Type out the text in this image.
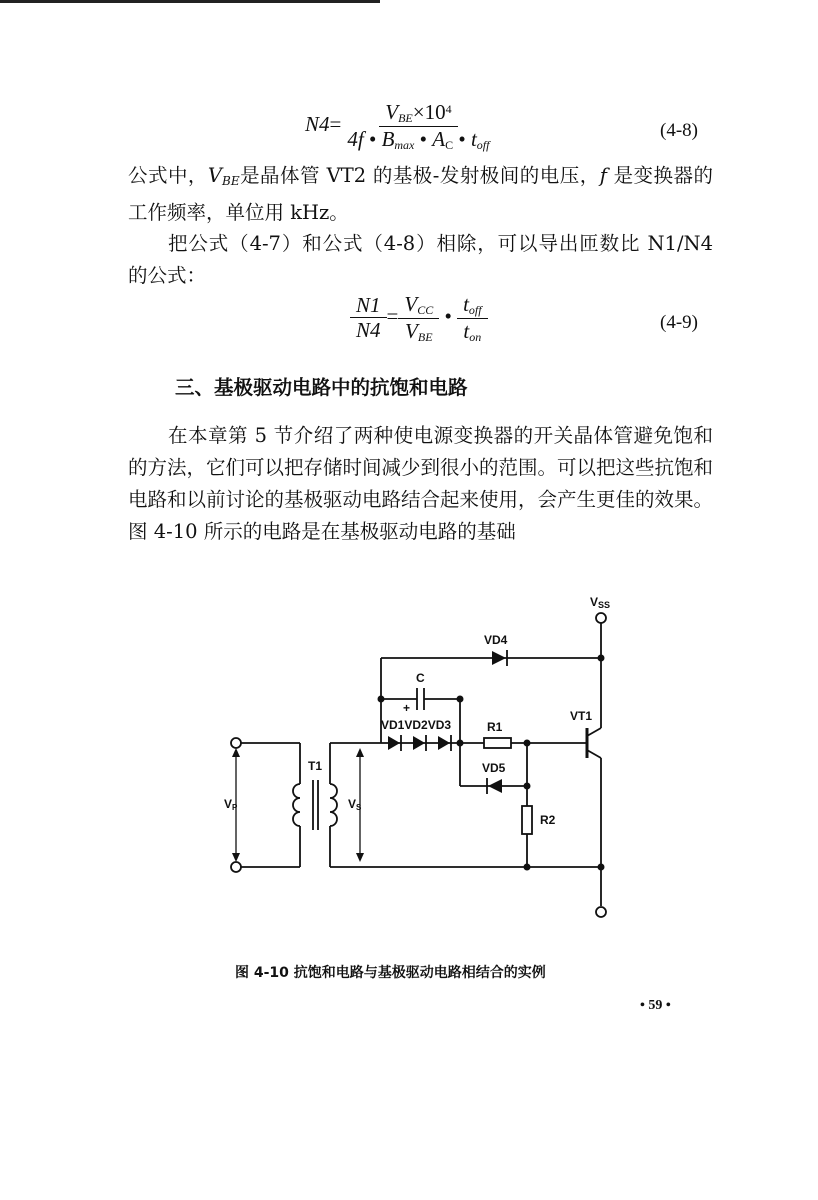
$N4= \frac{V_{BE}\times 10^4}{4f • B_{max} • A_C • t_{off}}$	(4-8)
公式中，$V_{BE}$是晶体管 VT2 的基极-发射极间的电压，f 是变换器的工作频率，单位用 kHz。
把公式（4-7）和公式（4-8）相除，可以导出匝数比 N1/N4 的公式：
$\frac{N1}{N4} = \frac{V_{CC}}{V_{BE}}$ • $\frac{t_{off}}{t_{on}}$	(4-9)
三、基极驱动电路中的抗饱和电路
在本章第 5 节介绍了两种使电源变换器的开关晶体管避免饱和的方法，它们可以把存储时间减少到很小的范围。可以把这些抗饱和电路和以前讨论的基极驱动电路结合起来使用，会产生更佳的效果。图 4-10 所示的电路是在基极驱动电路的基础
VSS
VD4
C
+
VD1VD2VD3	R1
VT1
VD5
R2
T1
VP	VS
图 4-10 抗饱和电路与基极驱动电路相结合的实例
• 59 •
